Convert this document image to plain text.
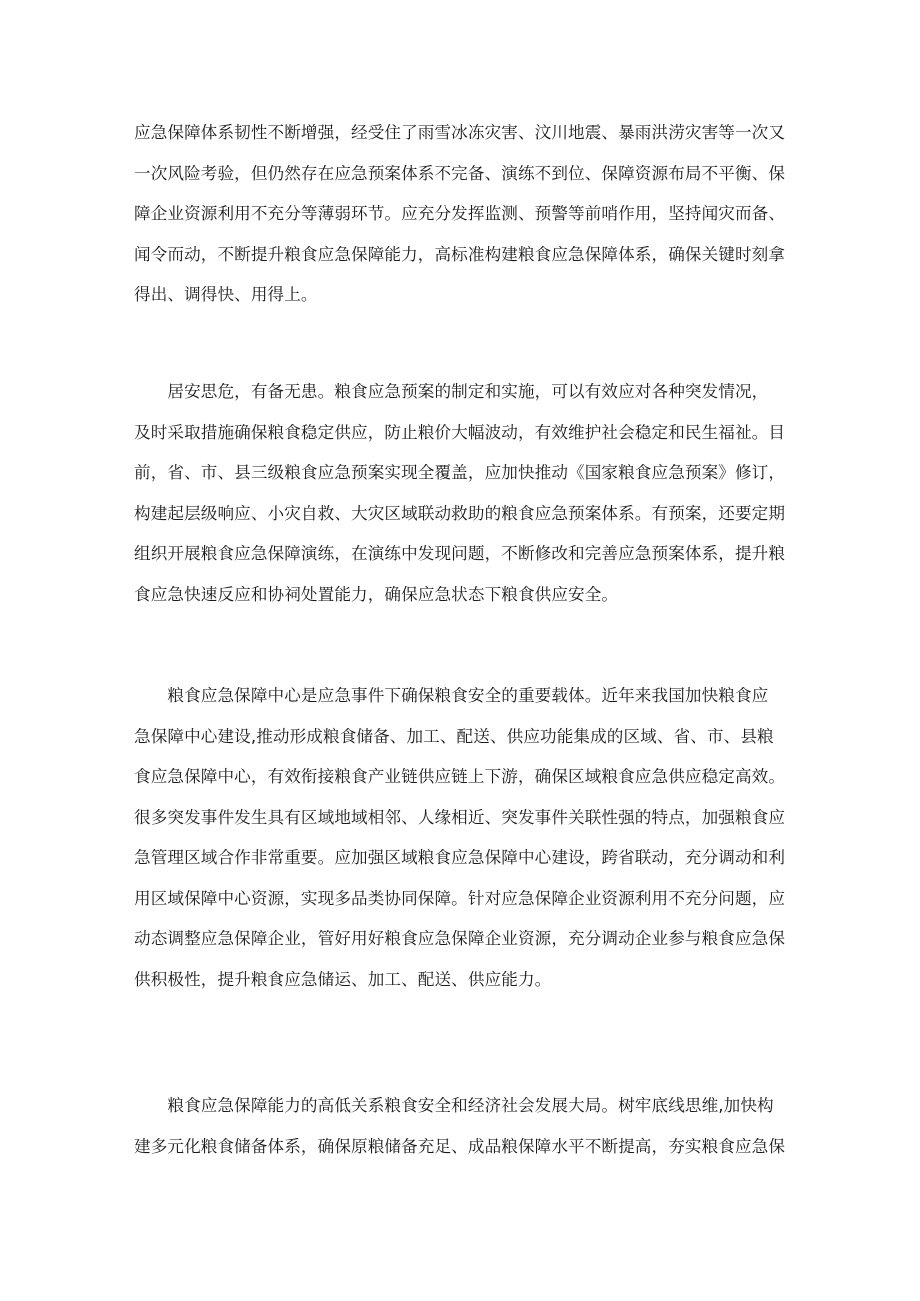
应急保障体系韧性不断增强，经受住了雨雪冰冻灾害、汶川地震、暴雨洪涝灾害等一次又
一次风险考验，但仍然存在应急预案体系不完备、演练不到位、保障资源布局不平衡、保
障企业资源利用不充分等薄弱环节。应充分发挥监测、预警等前哨作用，坚持闻灾而备、
闻令而动，不断提升粮食应急保障能力，高标准构建粮食应急保障体系，确保关键时刻拿
得出、调得快、用得上。

　　居安思危，有备无患。粮食应急预案的制定和实施，可以有效应对各种突发情况，
及时采取措施确保粮食稳定供应，防止粮价大幅波动，有效维护社会稳定和民生福祉。目
前，省、市、县三级粮食应急预案实现全覆盖，应加快推动《国家粮食应急预案》修订，
构建起层级响应、小灾自救、大灾区域联动救助的粮食应急预案体系。有预案，还要定期
组织开展粮食应急保障演练，在演练中发现问题，不断修改和完善应急预案体系，提升粮
食应急快速反应和协祠处置能力，确保应急状态下粮食供应安全。

　　粮食应急保障中心是应急事件下确保粮食安全的重要载体。近年来我国加快粮食应
急保障中心建设,推动形成粮食储备、加工、配送、供应功能集成的区域、省、市、县粮
食应急保障中心，有效衔接粮食产业链供应链上下游，确保区域粮食应急供应稳定高效。
很多突发事件发生具有区域地域相邻、人缘相近、突发事件关联性强的特点，加强粮食应
急管理区域合作非常重要。应加强区域粮食应急保障中心建设，跨省联动，充分调动和利
用区域保障中心资源，实现多品类协同保障。针对应急保障企业资源利用不充分问题，应
动态调整应急保障企业，管好用好粮食应急保障企业资源，充分调动企业参与粮食应急保
供积极性，提升粮食应急储运、加工、配送、供应能力。

　　粮食应急保障能力的高低关系粮食安全和经济社会发展大局。树牢底线思维,加快构
建多元化粮食储备体系，确保原粮储备充足、成品粮保障水平不断提高，夯实粮食应急保
